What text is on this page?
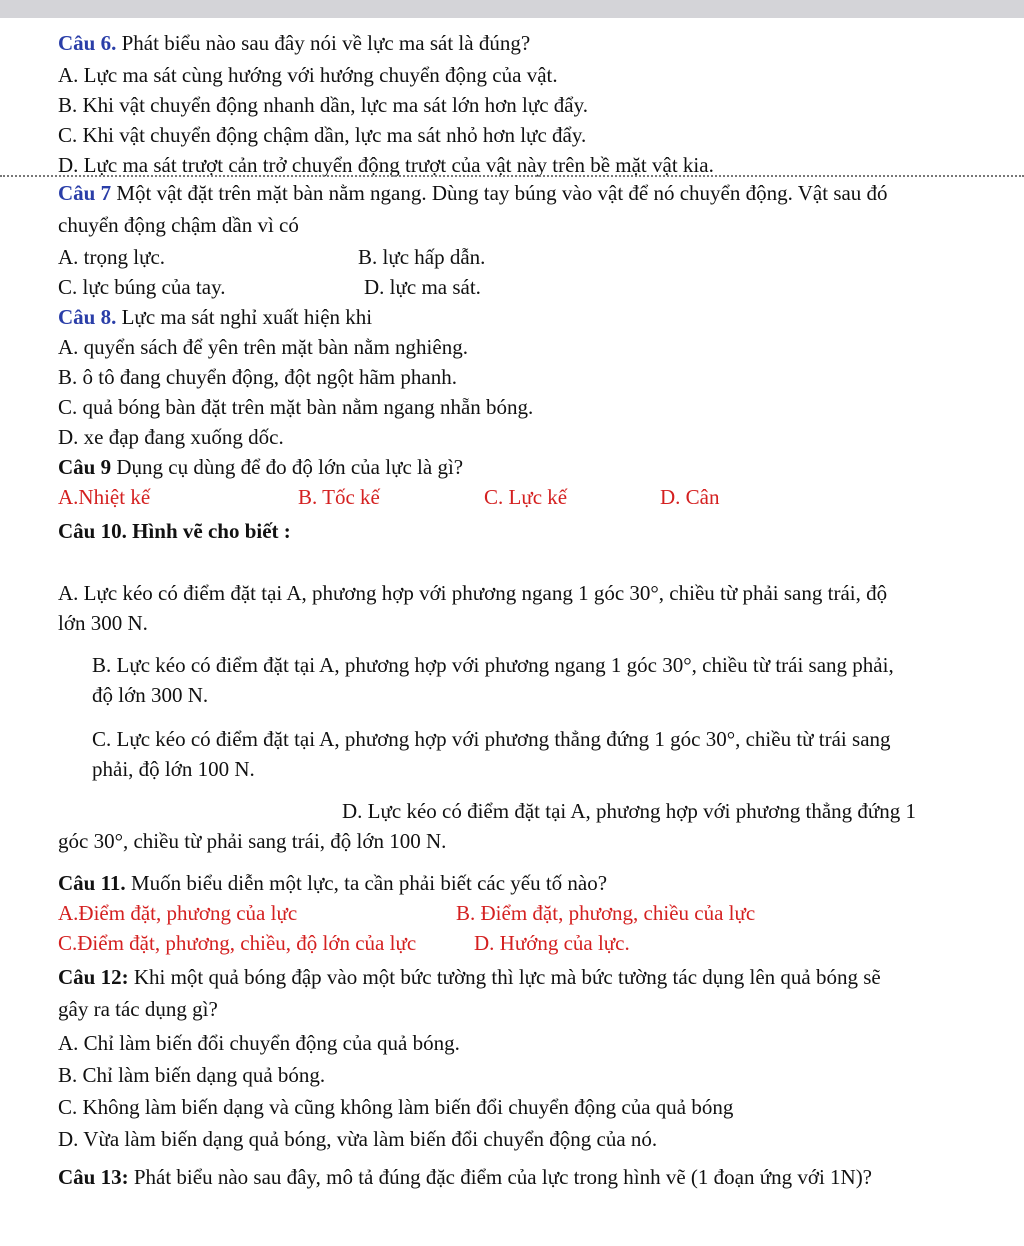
Câu 6. Phát biểu nào sau đây nói về lực ma sát là đúng?
A. Lực ma sát cùng hướng với hướng chuyển động của vật.
B. Khi vật chuyển động nhanh dần, lực ma sát lớn hơn lực đẩy.
C. Khi vật chuyển động chậm dần, lực ma sát nhỏ hơn lực đẩy.
D. Lực ma sát trượt cản trở chuyển động trượt của vật này trên bề mặt vật kia.
Câu 7 Một vật đặt trên mặt bàn nằm ngang. Dùng tay búng vào vật để nó chuyển động. Vật sau đó
chuyển động chậm dần vì có
A. trọng lực.	B. lực hấp dẫn.
C. lực búng của tay.	D. lực ma sát.
Câu 8. Lực ma sát nghỉ xuất hiện khi
A. quyển sách để yên trên mặt bàn nằm nghiêng.
B. ô tô đang chuyển động, đột ngột hãm phanh.
C. quả bóng bàn đặt trên mặt bàn nằm ngang nhẵn bóng.
D. xe đạp đang xuống dốc.
Câu 9 Dụng cụ dùng để đo độ lớn của lực là gì?
A.Nhiệt kế	B. Tốc kế	C. Lực kế	D. Cân
Câu 10. Hình vẽ cho biết :
A. Lực kéo có điểm đặt tại A, phương hợp với phương ngang 1 góc 30°, chiều từ phải sang trái, độ
lớn 300 N.
B. Lực kéo có điểm đặt tại A, phương hợp với phương ngang 1 góc 30°, chiều từ trái sang phải,
độ lớn 300 N.
C. Lực kéo có điểm đặt tại A, phương hợp với phương thẳng đứng 1 góc 30°, chiều từ trái sang
phải, độ lớn 100 N.
D. Lực kéo có điểm đặt tại A, phương hợp với phương thẳng đứng 1
góc 30°, chiều từ phải sang trái, độ lớn 100 N.
Câu 11. Muốn biểu diễn một lực, ta cần phải biết các yếu tố nào?
A.Điểm đặt, phương của lực	B. Điểm đặt, phương, chiều của lực
C.Điểm đặt, phương, chiều, độ lớn của lực	D. Hướng của lực.
Câu 12: Khi một quả bóng đập vào một bức tường thì lực mà bức tường tác dụng lên quả bóng sẽ
gây ra tác dụng gì?
A. Chỉ làm biến đổi chuyển động của quả bóng.
B. Chỉ làm biến dạng quả bóng.
C. Không làm biến dạng và cũng không làm biến đổi chuyển động của quả bóng
D. Vừa làm biến dạng quả bóng, vừa làm biến đổi chuyển động của nó.
Câu 13: Phát biểu nào sau đây, mô tả đúng đặc điểm của lực trong hình vẽ (1 đoạn ứng với 1N)?
